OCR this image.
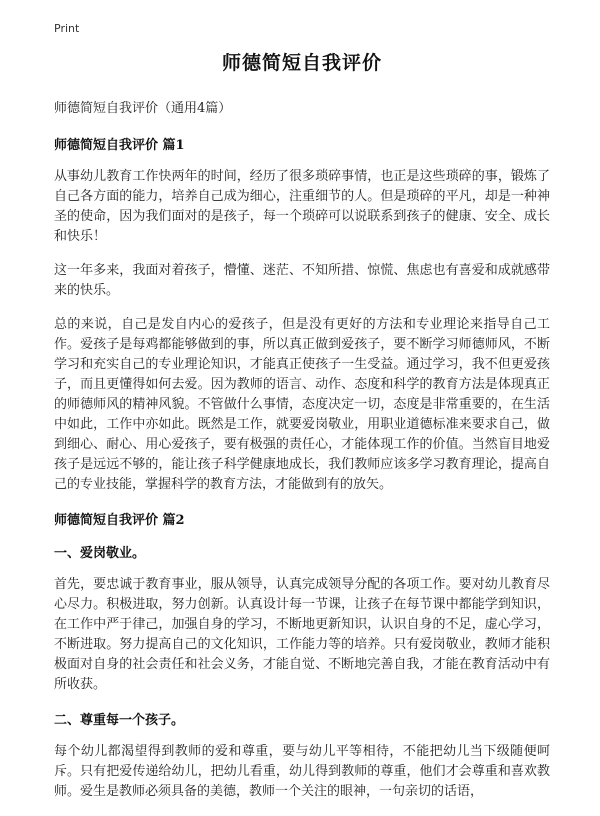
Print
师德简短自我评价

师德简短自我评价（通用4篇）

师德简短自我评价 篇1

从事幼儿教育工作快两年的时间，经历了很多琐碎事情，也正是这些琐碎的事，锻炼了自己各方面的能力，培养自己成为细心，注重细节的人。但是琐碎的平凡，却是一种神圣的使命，因为我们面对的是孩子，每一个琐碎可以说联系到孩子的健康、安全、成长和快乐！

这一年多来，我面对着孩子，懵懂、迷茫、不知所措、惊慌、焦虑也有喜爱和成就感带来的快乐。

总的来说，自己是发自内心的爱孩子，但是没有更好的方法和专业理论来指导自己工作。爱孩子是每鸡都能够做到的事，所以真正做到爱孩子，要不断学习师德师风，不断学习和充实自己的专业理论知识，才能真正使孩子一生受益。通过学习，我不但更爱孩子，而且更懂得如何去爱。因为教师的语言、动作、态度和科学的教育方法是体现真正的师德师风的精神风貌。不管做什么事情，态度决定一切，态度是非常重要的，在生活中如此，工作中亦如此。既然是工作，就要爱岗敬业，用职业道德标准来要求自己，做到细心、耐心、用心爱孩子，要有极强的责任心，才能体现工作的价值。当然盲目地爱孩子是远远不够的，能让孩子科学健康地成长，我们教师应该多学习教育理论，提高自己的专业技能，掌握科学的教育方法，才能做到有的放矢。

师德简短自我评价 篇2

一、爱岗敬业。

首先，要忠诚于教育事业，服从领导，认真完成领导分配的各项工作。要对幼儿教育尽心尽力。积极进取，努力创新。认真设计每一节课，让孩子在每节课中都能学到知识，在工作中严于律己，加强自身的学习，不断地更新知识，认识自身的不足，虚心学习，不断进取。努力提高自己的文化知识，工作能力等的培养。只有爱岗敬业，教师才能积极面对自身的社会责任和社会义务，才能自觉、不断地完善自我，才能在教育活动中有所收获。

二、尊重每一个孩子。

每个幼儿都渴望得到教师的爱和尊重，要与幼儿平等相待，不能把幼儿当下级随便呵斥。只有把爱传递给幼儿，把幼儿看重，幼儿得到教师的尊重，他们才会尊重和喜欢教师。爱生是教师必须具备的美德，教师一个关注的眼神，一句亲切的话语，
